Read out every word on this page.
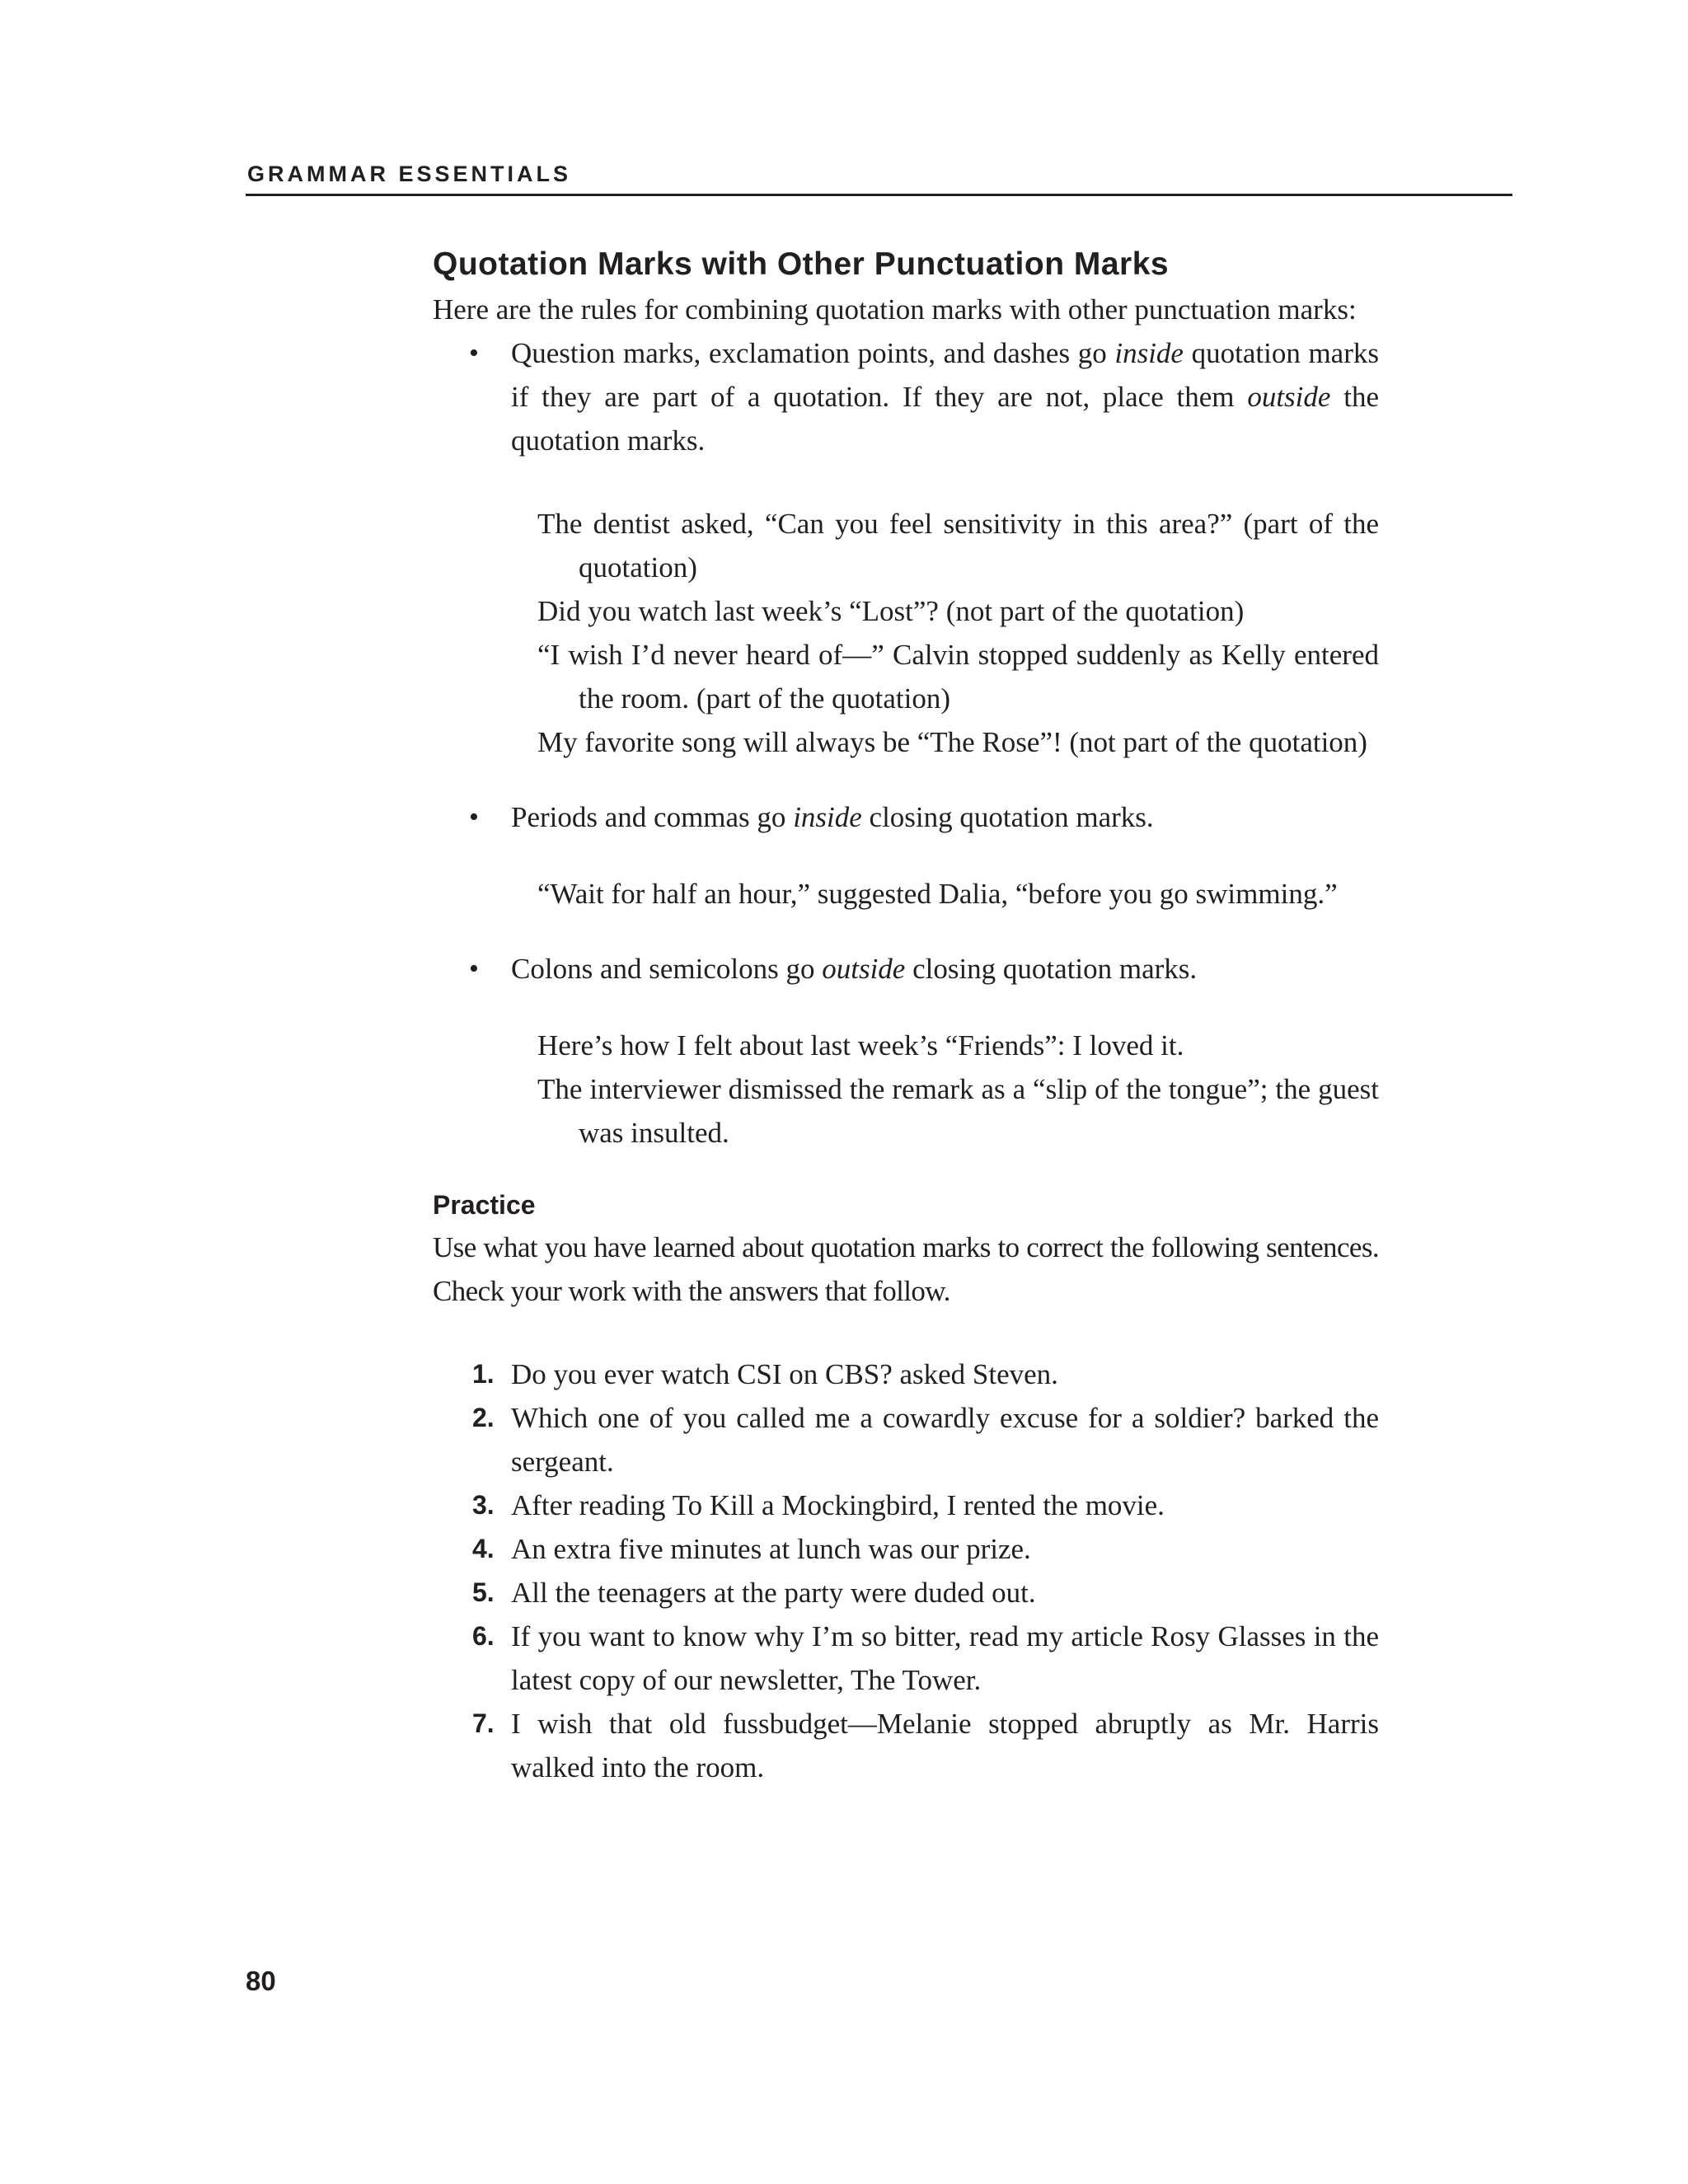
GRAMMAR ESSENTIALS
Quotation Marks with Other Punctuation Marks

Here are the rules for combining quotation marks with other punctuation marks:

• Question marks, exclamation points, and dashes go inside quotation marks if they are part of a quotation. If they are not, place them outside the quotation marks.

The dentist asked, “Can you feel sensitivity in this area?” (part of the quotation)

Did you watch last week’s “Lost”? (not part of the quotation)

“I wish I’d never heard of—” Calvin stopped suddenly as Kelly entered the room. (part of the quotation)

My favorite song will always be “The Rose”! (not part of the quotation)

• Periods and commas go inside closing quotation marks.

“Wait for half an hour,” suggested Dalia, “before you go swimming.”

• Colons and semicolons go outside closing quotation marks.

Here’s how I felt about last week’s “Friends”: I loved it.

The interviewer dismissed the remark as a “slip of the tongue”; the guest was insulted.

Practice

Use what you have learned about quotation marks to correct the following sentences. Check your work with the answers that follow.

1. Do you ever watch CSI on CBS? asked Steven.
2. Which one of you called me a cowardly excuse for a soldier? barked the sergeant.
3. After reading To Kill a Mockingbird, I rented the movie.
4. An extra five minutes at lunch was our prize.
5. All the teenagers at the party were duded out.
6. If you want to know why I’m so bitter, read my article Rosy Glasses in the latest copy of our newsletter, The Tower.
7. I wish that old fussbudget—Melanie stopped abruptly as Mr. Harris walked into the room.
80
